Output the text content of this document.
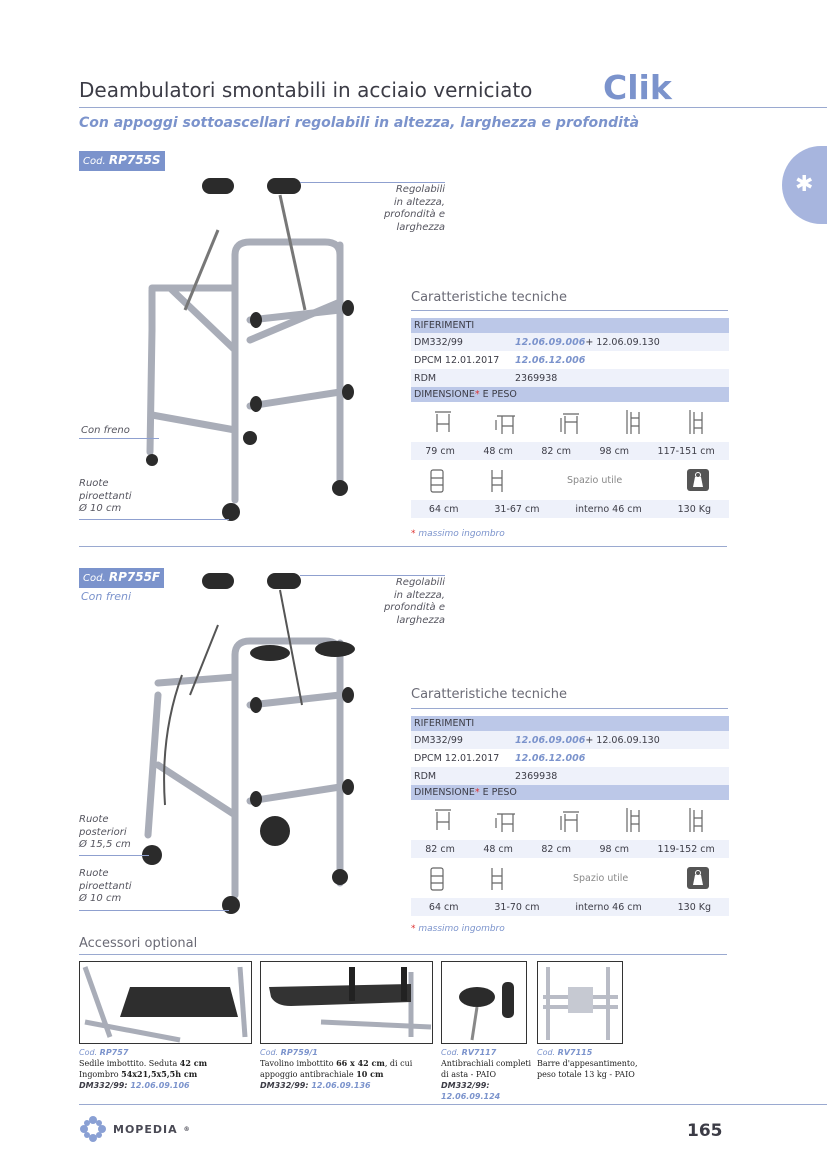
Deambulatori smontabili in acciaio verniciato Clik
Con appoggi sottoascellari regolabili in altezza, larghezza e profondità
✱
Cod. RP755S
Regolabili
in altezza,
profondità e
larghezza
Con freno
Ruote
piroettanti
Ø 10 cm
Caratteristiche tecniche
RIFERIMENTI
DM332/99	12.06.09.006 + 12.06.09.130
DPCM 12.01.2017	12.06.12.006
RDM	2369938
DIMENSIONE* E PESO
79 cm	48 cm	82 cm	98 cm	117-151 cm
Spazio utile
64 cm	31-67 cm	interno 46 cm	130 Kg
* massimo ingombro
Cod. RP755F
Con freni
Regolabili
in altezza,
profondità e
larghezza
Ruote
posteriori
Ø 15,5 cm
Ruote
piroettanti
Ø 10 cm
Caratteristiche tecniche
RIFERIMENTI
DM332/99	12.06.09.006 + 12.06.09.130
DPCM 12.01.2017	12.06.12.006
RDM	2369938
DIMENSIONE* E PESO
82 cm	48 cm	82 cm	98 cm	119-152 cm
Spazio utile
64 cm	31-70 cm	interno 46 cm	130 Kg
* massimo ingombro
Accessori optional
Cod. RP757
Sedile imbottito. Seduta 42 cm
Ingombro 54x21,5x5,5h cm
DM332/99: 12.06.09.106
Cod. RP759/1
Tavolino imbottito 66 x 42 cm, di cui
appoggio antibrachiale 10 cm
DM332/99: 12.06.09.136
Cod. RV7117
Antibrachiali completi
di asta - PAIO
DM332/99: 12.06.09.124
Cod. RV7115
Barre d'appesantimento,
peso totale 13 kg - PAIO
MOPEDIA ®	165
